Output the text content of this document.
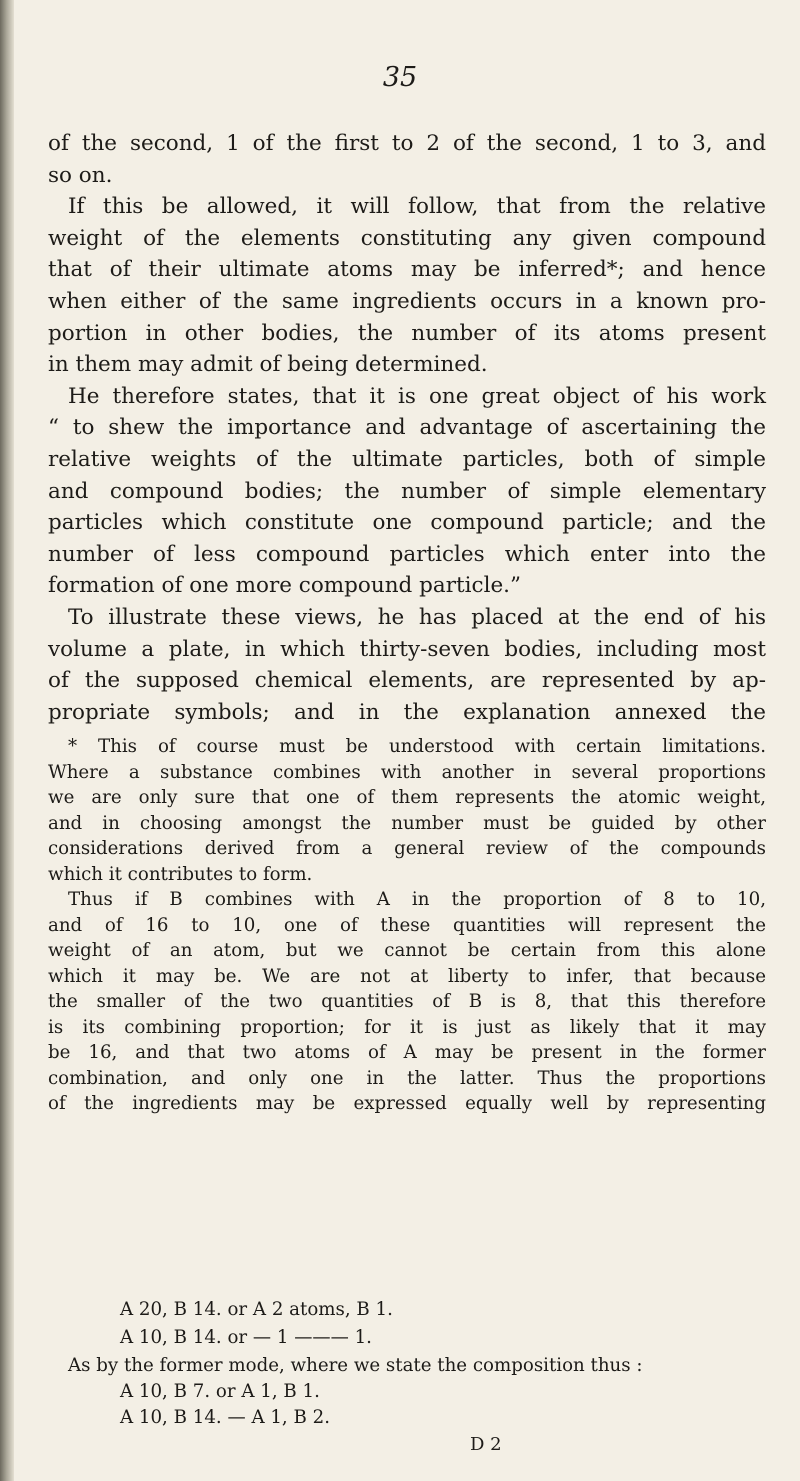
35
of the second, 1 of the first to 2 of the second, 1 to 3, and
so on.
If this be allowed, it will follow, that from the relative
weight of the elements constituting any given compound
that of their ultimate atoms may be inferred*; and hence
when either of the same ingredients occurs in a known pro-
portion in other bodies, the number of its atoms present
in them may admit of being determined.
He therefore states, that it is one great object of his work
“ to shew the importance and advantage of ascertaining the
relative weights of the ultimate particles, both of simple
and compound bodies; the number of simple elementary
particles which constitute one compound particle; and the
number of less compound particles which enter into the
formation of one more compound particle.”
To illustrate these views, he has placed at the end of his
volume a plate, in which thirty-seven bodies, including most
of the supposed chemical elements, are represented by ap-
propriate symbols; and in the explanation annexed the
* This of course must be understood with certain limitations.
Where a substance combines with another in several proportions
we are only sure that one of them represents the atomic weight,
and in choosing amongst the number must be guided by other
considerations derived from a general review of the compounds
which it contributes to form.
Thus if B combines with A in the proportion of 8 to 10,
and of 16 to 10, one of these quantities will represent the
weight of an atom, but we cannot be certain from this alone
which it may be. We are not at liberty to infer, that because
the smaller of the two quantities of B is 8, that this therefore
is its combining proportion; for it is just as likely that it may
be 16, and that two atoms of A may be present in the former
combination, and only one in the latter. Thus the proportions
of the ingredients may be expressed equally well by representing
A 20, B 14. or A 2 atoms, B 1.
A 10, B 14. or — 1 ——— 1.
As by the former mode, where we state the composition thus :
A 10, B 7. or A 1, B 1.
A 10, B 14. — A 1, B 2.
D 2
